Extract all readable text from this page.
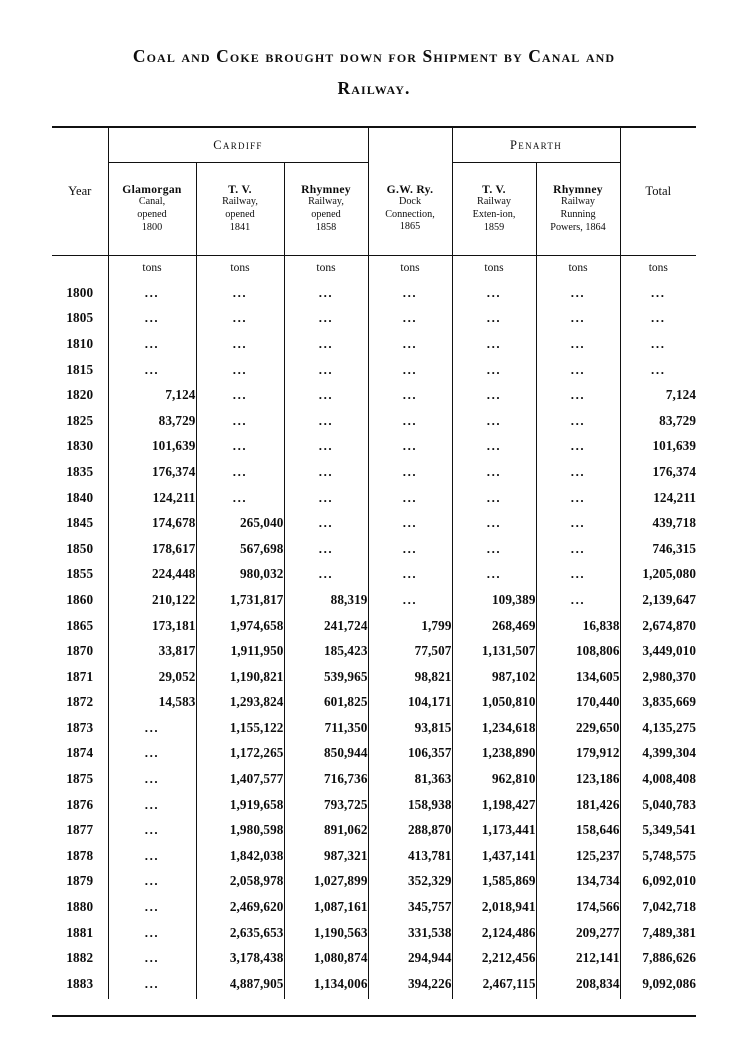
Coal and Coke brought down for Shipment by Canal and
Railway.
Year	Cardiff				Penarth		Total

	Glamorgan
Canal,
opened
1800	T. V.
Railway,
opened
1841	Rhymney
Railway,
opened
1858	G.W. Ry.
Dock
Connection,
1865	T. V.
Railway
Exten-ion,
1859	Rhymney
Railway
Running
Powers, 1864	

	tons	tons	tons	tons	tons	tons	tons
1800	...	...	...	...	...	...	...
1805	...	...	...	...	...	...	...
1810	...	...	...	...	...	...	...
1815	...	...	...	...	...	...	...
1820	7,124	...	...	...	...	...	7,124
1825	83,729	...	...	...	...	...	83,729
1830	101,639	...	...	...	...	...	101,639
1835	176,374	...	...	...	...	...	176,374
1840	124,211	...	...	...	...	...	124,211
1845	174,678	265,040	...	...	...	...	439,718
1850	178,617	567,698	...	...	...	...	746,315
1855	224,448	980,032	...	...	...	...	1,205,080
1860	210,122	1,731,817	88,319	...	109,389	...	2,139,647
1865	173,181	1,974,658	241,724	1,799	268,469	16,838	2,674,870
1870	33,817	1,911,950	185,423	77,507	1,131,507	108,806	3,449,010
1871	29,052	1,190,821	539,965	98,821	987,102	134,605	2,980,370
1872	14,583	1,293,824	601,825	104,171	1,050,810	170,440	3,835,669
1873	...	1,155,122	711,350	93,815	1,234,618	229,650	4,135,275
1874	...	1,172,265	850,944	106,357	1,238,890	179,912	4,399,304
1875	...	1,407,577	716,736	81,363	962,810	123,186	4,008,408
1876	...	1,919,658	793,725	158,938	1,198,427	181,426	5,040,783
1877	...	1,980,598	891,062	288,870	1,173,441	158,646	5,349,541
1878	...	1,842,038	987,321	413,781	1,437,141	125,237	5,748,575
1879	...	2,058,978	1,027,899	352,329	1,585,869	134,734	6,092,010
1880	...	2,469,620	1,087,161	345,757	2,018,941	174,566	7,042,718
1881	...	2,635,653	1,190,563	331,538	2,124,486	209,277	7,489,381
1882	...	3,178,438	1,080,874	294,944	2,212,456	212,141	7,886,626
1883	...	4,887,905	1,134,006	394,226	2,467,115	208,834	9,092,086
